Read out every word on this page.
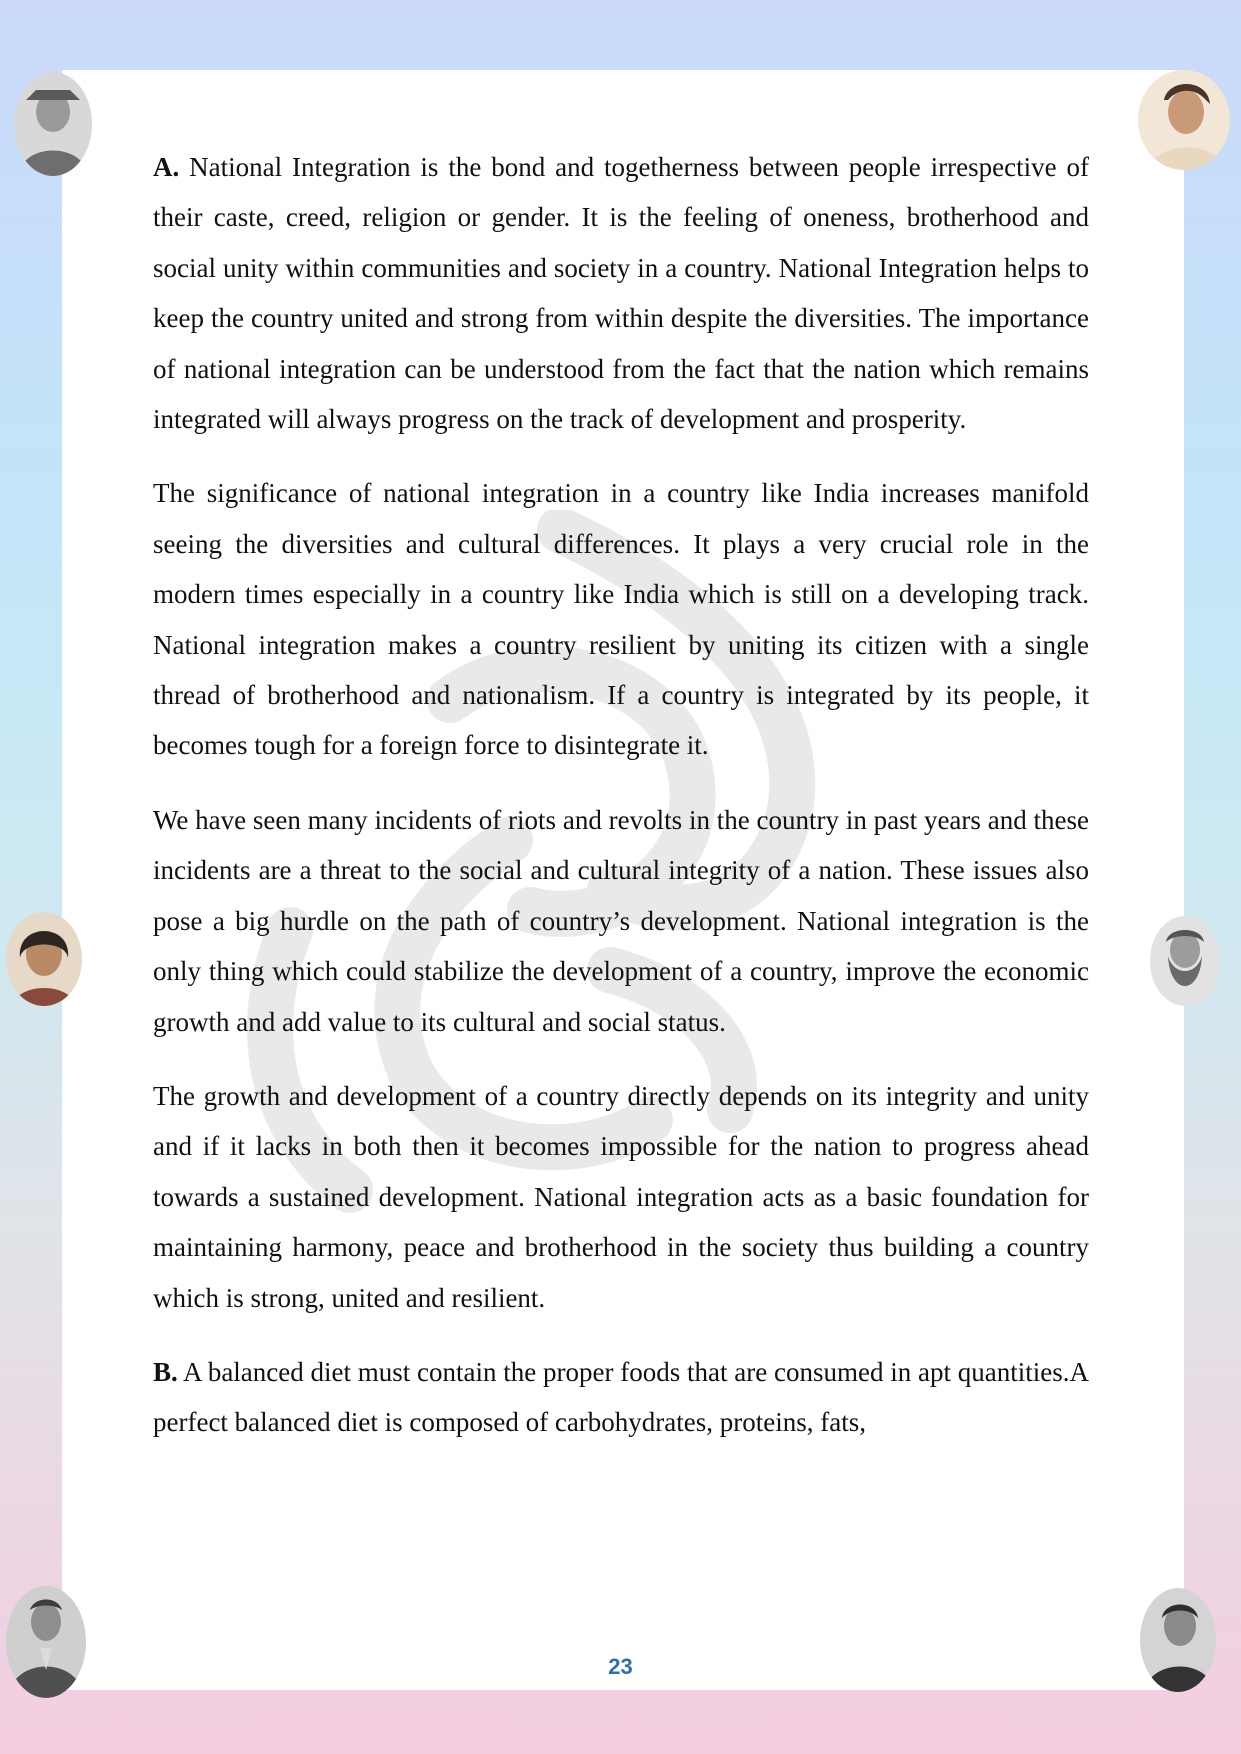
A. National Integration is the bond and togetherness between people irrespective of their caste, creed, religion or gender. It is the feeling of oneness, brotherhood and social unity within communities and society in a country. National Integration helps to keep the country united and strong from within despite the diversities. The importance of national integration can be understood from the fact that the nation which remains integrated will always progress on the track of development and prosperity.

The significance of national integration in a country like India increases manifold seeing the diversities and cultural differences. It plays a very crucial role in the modern times especially in a country like India which is still on a developing track. National integration makes a country resilient by uniting its citizen with a single thread of brotherhood and nationalism. If a country is integrated by its people, it becomes tough for a foreign force to disintegrate it.

We have seen many incidents of riots and revolts in the country in past years and these incidents are a threat to the social and cultural integrity of a nation. These issues also pose a big hurdle on the path of country’s development. National integration is the only thing which could stabilize the development of a country, improve the economic growth and add value to its cultural and social status.

The growth and development of a country directly depends on its integrity and unity and if it lacks in both then it becomes impossible for the nation to progress ahead towards a sustained development. National integration acts as a basic foundation for maintaining harmony, peace and brotherhood in the society thus building a country which is strong, united and resilient.

B. A balanced diet must contain the proper foods that are consumed in apt quantities.A perfect balanced diet is composed of carbohydrates, proteins, fats,

23
